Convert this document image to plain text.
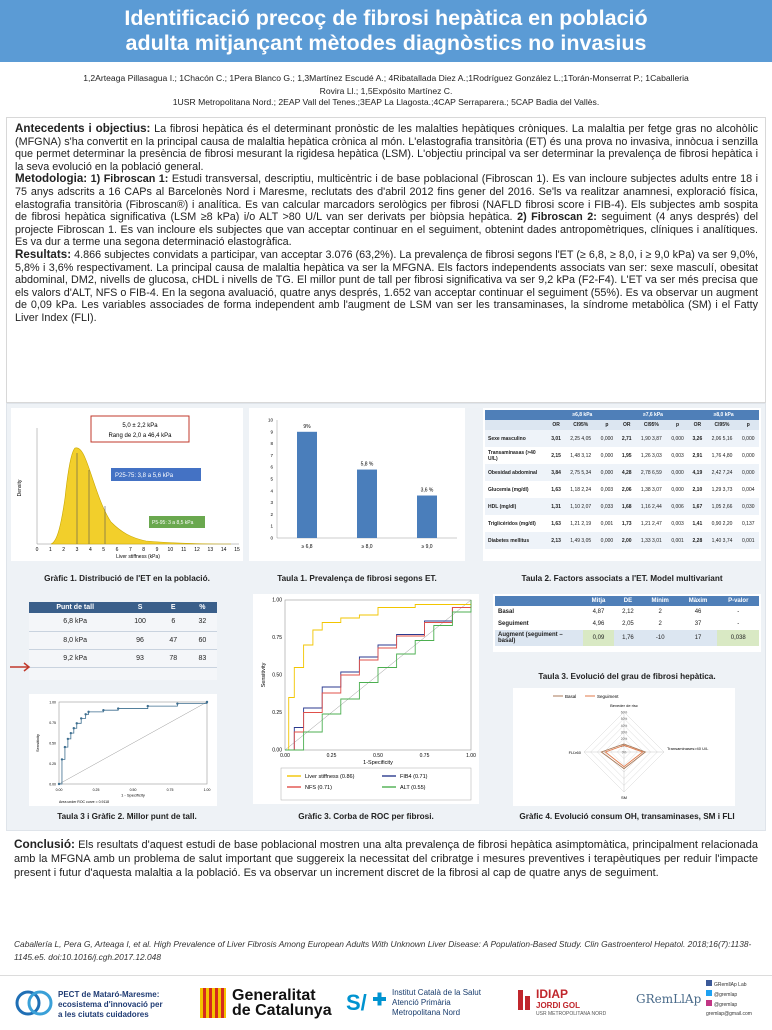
Identificació precoç de fibrosi hepàtica en població
adulta mitjançant mètodes diagnòstics no invasius
1,2Arteaga Pillasagua I.; 1Chacón C.; 1Pera Blanco G.; 1,3Martínez Escudé A.; 4Ribatallada Diez A.;1Rodríguez González L.;1Torán-Monserrat P.; 1Caballeria
Rovira Ll.; 1,5Expósito Martínez C.
1USR Metropolitana Nord.; 2EAP Vall del Tenes.;3EAP La Llagosta.;4CAP Serraparera.; 5CAP Badia del Vallès.

Antecedents i objectius: La fibrosi hepàtica és el determinant pronòstic de les malalties hepàtiques cròniques. La malaltia per fetge gras no alcohòlic (MFGNA) s'ha convertit en la principal causa de malaltia hepàtica crònica al món. L'elastografia transitòria (ET) és una prova no invasiva, innòcua i senzilla que permet determinar la presència de fibrosi mesurant la rigidesa hepàtica (LSM). L'objectiu principal va ser determinar la prevalença de fibrosi hepàtica i la seva evolució en la població general.

Metodologia: 1) Fibroscan 1: Estudi transversal, descriptiu, multicèntric i de base poblacional (Fibroscan 1). Es van incloure subjectes adults entre 18 i 75 anys adscrits a 16 CAPs al Barcelonès Nord i Maresme, reclutats des d'abril 2012 fins gener del 2016. Se'ls va realitzar anamnesi, exploració física, elastografia transitòria (Fibroscan®) i analítica. Es van calcular marcadors serològics per fibrosi (NAFLD fibrosi score i FIB-4). Els subjectes amb sospita de fibrosi hepàtica significativa (LSM ≥8 kPa) i/o ALT >80 U/L van ser derivats per biòpsia hepàtica. 2) Fibroscan 2: seguiment (4 anys després) del projecte Fibroscan 1. Es van incloure els subjectes que van acceptar continuar en el seguiment, obtenint dades antropomètriques, clíniques i analítiques. Es va dur a terme una segona determinació elastogràfica.

Resultats: 4.866 subjectes convidats a participar, van acceptar 3.076 (63,2%). La prevalença de fibrosi segons l'ET (≥ 6,8, ≥ 8,0, i ≥ 9,0 kPa) va ser 9,0%, 5,8% i 3,6% respectivament. La principal causa de malaltia hepàtica va ser la MFGNA. Els factors independents associats van ser: sexe masculí, obesitat abdominal, DM2, nivells de glucosa, cHDL i nivells de TG. El millor punt de tall per fibrosi significativa va ser 9,2 kPa (F2-F4). L'ET va ser més precisa que els valors d'ALT, NFS o FIB-4. En la segona avaluació, quatre anys després, 1.652 van acceptar continuar el seguiment (55%). Es va observar un augment de 0,09 kPa. Les variables associades de forma independent amb l'augment de LSM van ser les transaminases, la síndrome metabòlica (SM) i el Fatty Liver Index (FLI).

5,0 ± 2,2 kPa
Rang de 2,0 a 46,4 kPa
Density
P25-75: 3,8 a 5,6 kPa
P5-95: 3 a 8,5 kPa
0 1 2 3 4 5 6 7 8 9 10 11 12 13 14 15
Liver stiffness (kPa)
Gràfic 1. Distribució de l'ET en la població.
0
1
2
3
4
5
6
7
8
9
10
9%
≥ 6,8
5,8 %
≥ 8,0
3,6 %
≥ 9,0
Taula 1. Prevalença de fibrosi segons ET.
	≥6,8 kPa			≥7,6 kPa			≥8,0 kPa		
	OR	CI95%	p	OR	CI95%	p	OR	CI95%	p
Sexe masculino	3,01	2,25 4,05	0,000	2,71	1,90 3,87	0,000	3,26	2,06 5,16	0,000
Transaminasas (>40 U/L)	2,15	1,48 3,12	0,000	1,95	1,26 3,03	0,003	2,91	1,76 4,80	0,000
Obesidad abdominal	3,84	2,75 5,34	0,000	4,28	2,78 6,59	0,000	4,19	2,42 7,24	0,000
Glucemia (mg/dl)	1,63	1,18 2,24	0,003	2,06	1,38 3,07	0,000	2,10	1,29 3,73	0,004
HDL (mg/dl)	1,31	1,10 2,07	0,033	1,68	1,16 2,44	0,006	1,67	1,05 2,66	0,030
Triglicéridos (mg/dl)	1,63	1,21 2,19	0,001	1,73	1,21 2,47	0,003	1,41	0,90 2,20	0,137
Diabetes mellitus	2,13	1,49 3,05	0,000	2,00	1,33 3,01	0,001	2,28	1,40 3,74	0,001
Taula 2. Factors associats a l'ET. Model multivariant
Punt de tall	S	E	%
6,8 kPa	100	6	32
8,0 kPa	96	47	60
9,2 kPa	93	78	83
0.00
0.00
0.25
0.25
0.50
0.50
0.75
0.75
1.00
1.00
1 - Specificity
Sensitivity
Area under ROC curve = 0.9118
Taula 3 i Gràfic 2. Millor punt de tall.
0.00
0.00
0.25
0.25
0.50
0.50
0.75
0.75
1.00
1.00
1-Specificity
Sensitivity
Liver stiffness (0.86)	FIB4 (0.71)
NFS (0.71)	ALT (0.55)
Gràfic 3. Corba de ROC per fibrosi.
	Mitja	DE	Mínim	Màxim	P-valor
Basal	4,87	2,12	2	46	-
Seguiment	4,96	2,05	2	37	-
Augment (seguiment – basal)	0,09	1,76	-10	17	0,038
Taula 3. Evolució del grau de fibrosi hepàtica.
Basal	Seguiment
60%
50%
40%
30%
20%
10%
0%
Beveder de risc
Transaminases>40 U/L
SM
FLI≥60
Gràfic 4. Evolució consum OH, transaminases, SM i FLI
Conclusió: Els resultats d'aquest estudi de base poblacional mostren una alta prevalença de fibrosi hepàtica asimptomàtica, principalment relacionada amb la MFGNA amb un problema de salut important que suggereix la necessitat del cribratge i mesures preventives i terapèutiques per reduir l'impacte present i futur d'aquesta malaltia a la població. Es va observar un increment discret de la fibrosi al cap de quatre anys de seguiment.
Caballería L, Pera G, Arteaga I, et al. High Prevalence of Liver Fibrosis Among European Adults With Unknown Liver Disease: A Population-Based Study. Clin Gastroenterol Hepatol. 2018;16(7):1138-1145.e5. doi:10.1016/j.cgh.2017.12.048
PECT de Mataró-Maresme:
ecosistema d'innovació per
a les ciutats cuidadores
Generalitat
de Catalunya S/	Institut Català de la Salut
Atenció Primària
Metropolitana Nord
IDIAP
JORDI GOL
USR METROPOLITANA NORD
GRemLlAp
GRemllAp Lab
@gremlap
@gremlap
gremlap@gmail.com
